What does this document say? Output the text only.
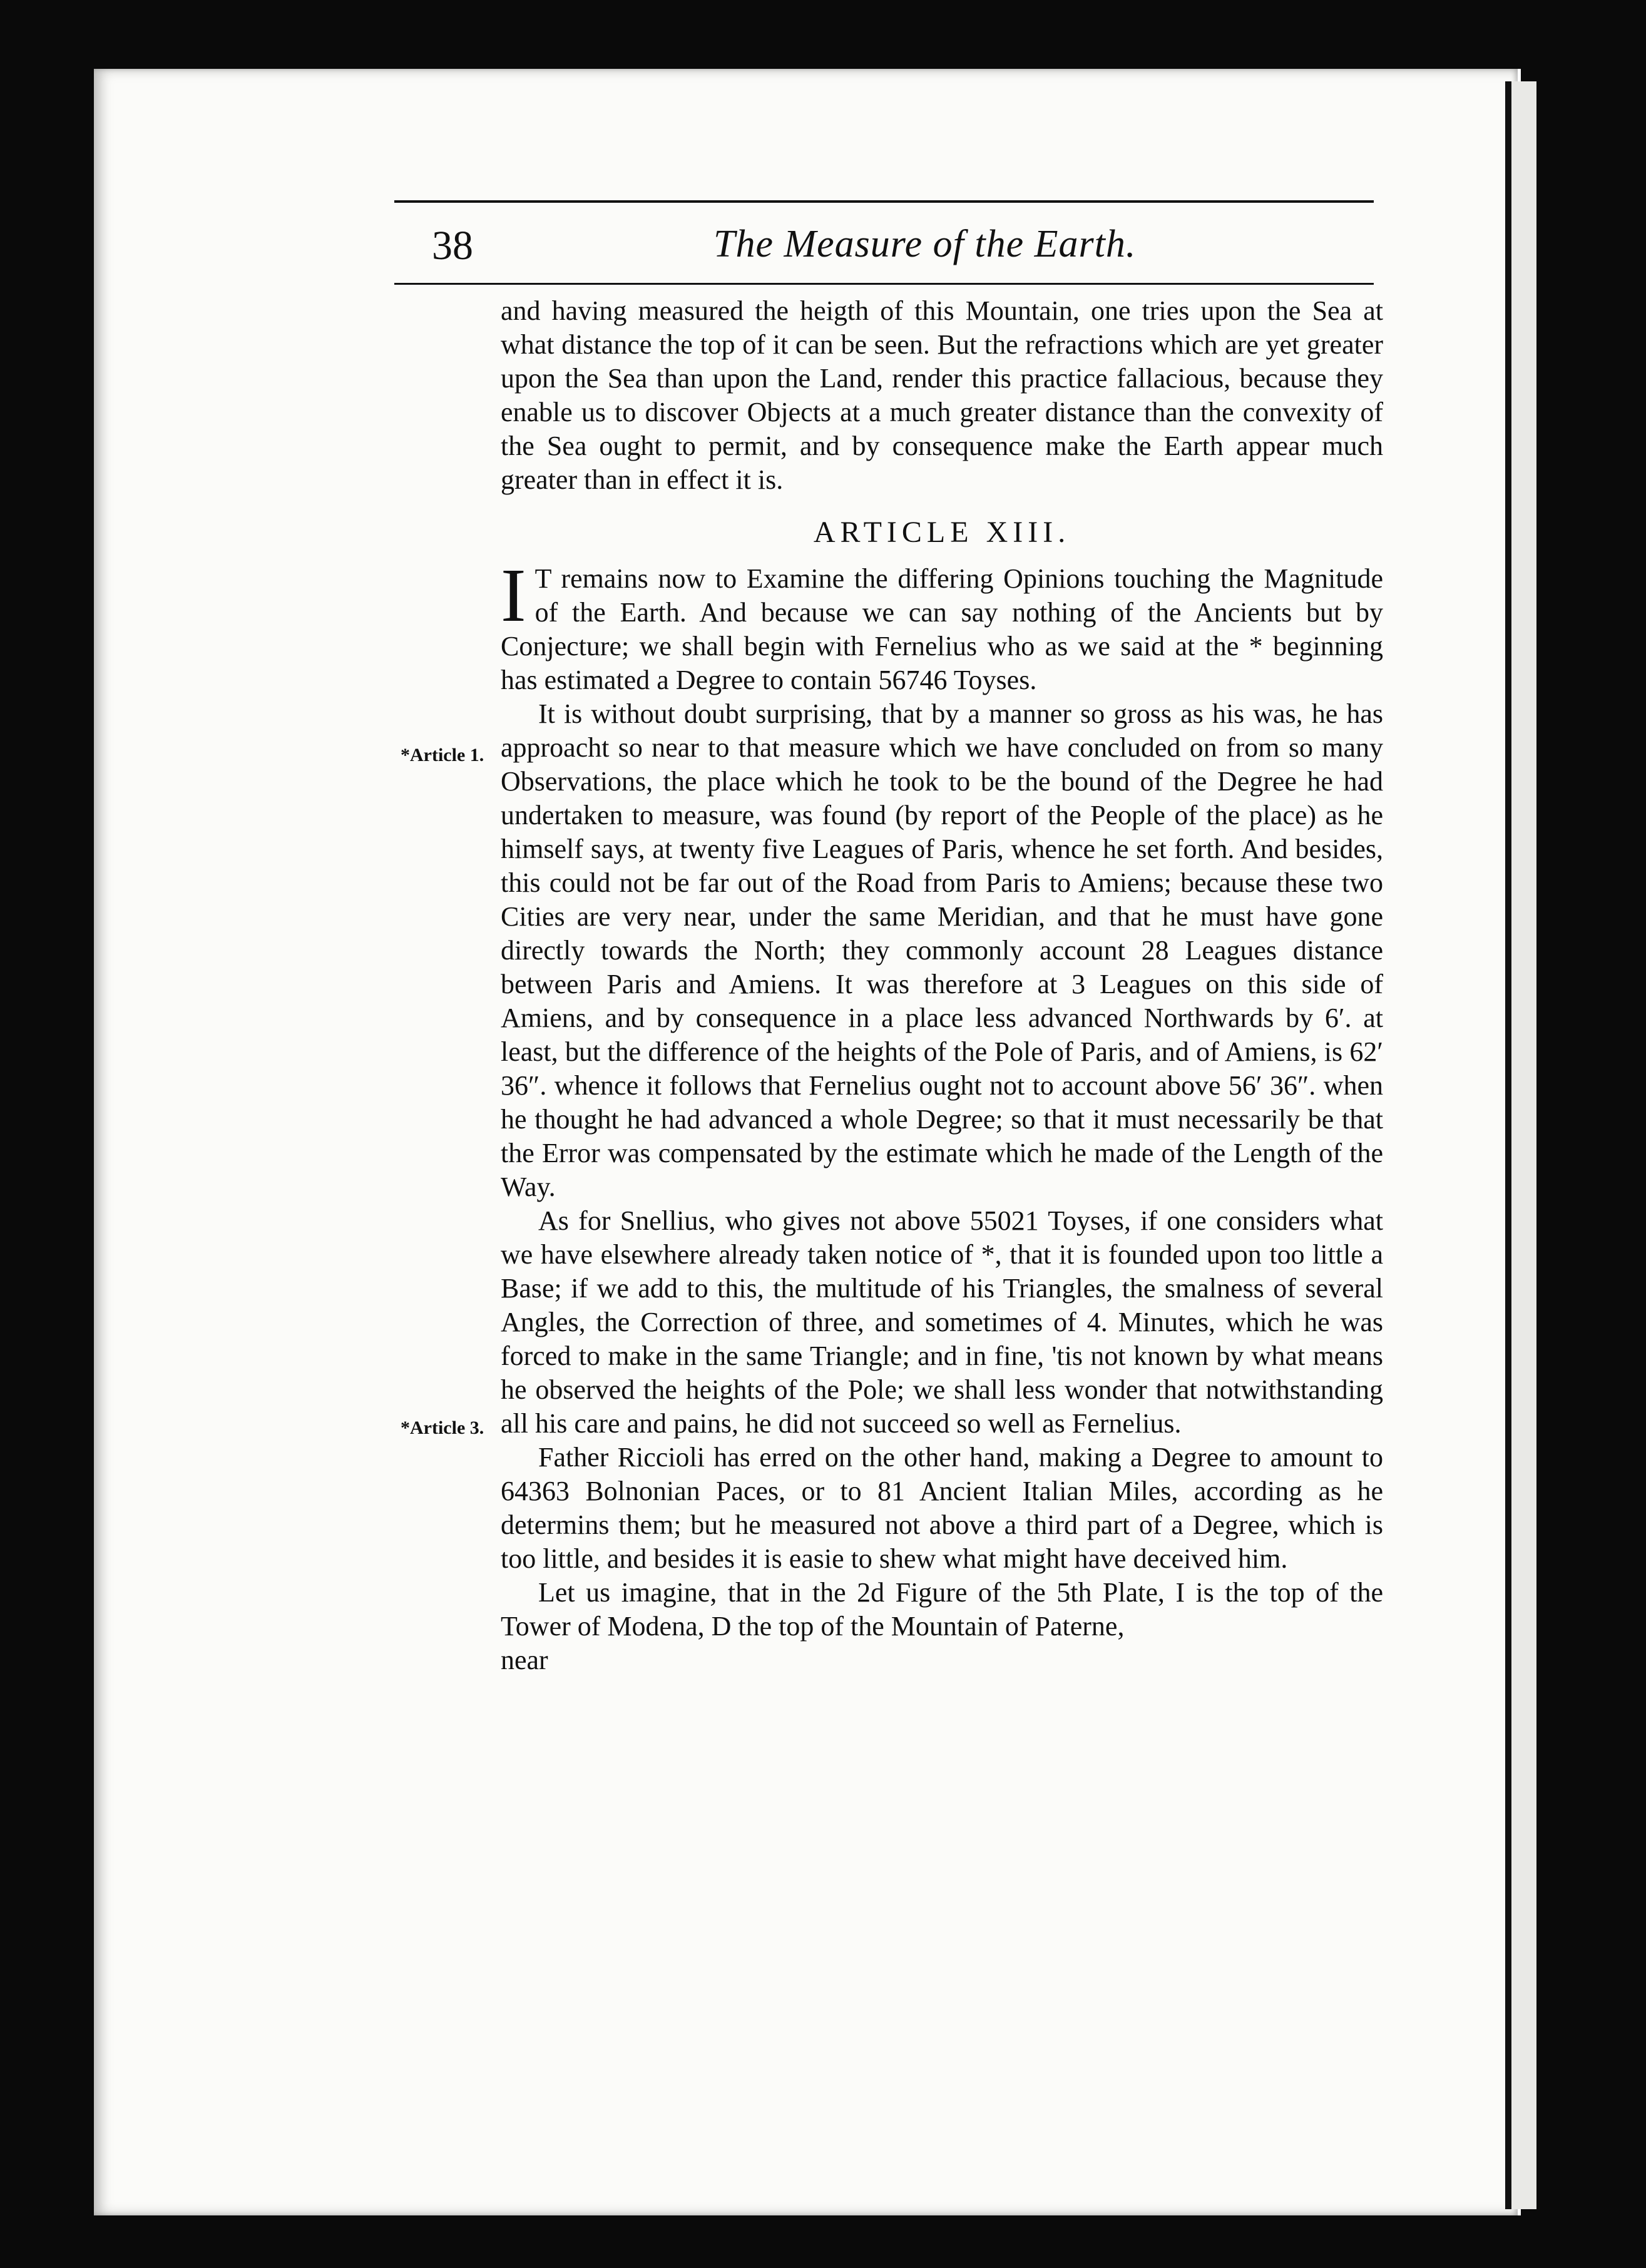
38	The Measure of the Earth.
*Article 1.
*Article 3.

and having measured the heigth of this Mountain, one tries upon the Sea at what distance the top of it can be seen. But the refractions which are yet greater upon the Sea than upon the Land, render this practice fallacious, because they enable us to discover Objects at a much greater distance than the convexity of the Sea ought to permit, and by consequence make the Earth appear much greater than in effect it is.

ARTICLE XIII.

I T remains now to Examine the differing Opinions touching the Magnitude of the Earth. And because we can say nothing of the Ancients but by Conjecture; we shall begin with Fernelius who as we said at the * beginning has estimated a Degree to contain 56746 Toyses.

It is without doubt surprising, that by a manner so gross as his was, he has approacht so near to that measure which we have concluded on from so many Observations, the place which he took to be the bound of the Degree he had undertaken to measure, was found (by report of the People of the place) as he himself says, at twenty five Leagues of Paris, whence he set forth. And besides, this could not be far out of the Road from Paris to Amiens; because these two Cities are very near, under the same Meridian, and that he must have gone directly towards the North; they commonly account 28 Leagues distance between Paris and Amiens. It was therefore at 3 Leagues on this side of Amiens, and by consequence in a place less advanced Northwards by 6′. at least, but the difference of the heights of the Pole of Paris, and of Amiens, is 62′ 36″. whence it follows that Fernelius ought not to account above 56′ 36″. when he thought he had advanced a whole Degree; so that it must necessarily be that the Error was compensated by the estimate which he made of the Length of the Way.

As for Snellius, who gives not above 55021 Toyses, if one considers what we have elsewhere already taken notice of *, that it is founded upon too little a Base; if we add to this, the multitude of his Triangles, the smalness of several Angles, the Correction of three, and sometimes of 4. Minutes, which he was forced to make in the same Triangle; and in fine, 'tis not known by what means he observed the heights of the Pole; we shall less wonder that notwithstanding all his care and pains, he did not succeed so well as Fernelius.

Father Riccioli has erred on the other hand, making a Degree to amount to 64363 Bolnonian Paces, or to 81 Ancient Italian Miles, according as he determins them; but he measured not above a third part of a Degree, which is too little, and besides it is easie to shew what might have deceived him.

Let us imagine, that in the 2d Figure of the 5th Plate, I is the top of the Tower of Modena, D the top of the Mountain of Paterne,

near
